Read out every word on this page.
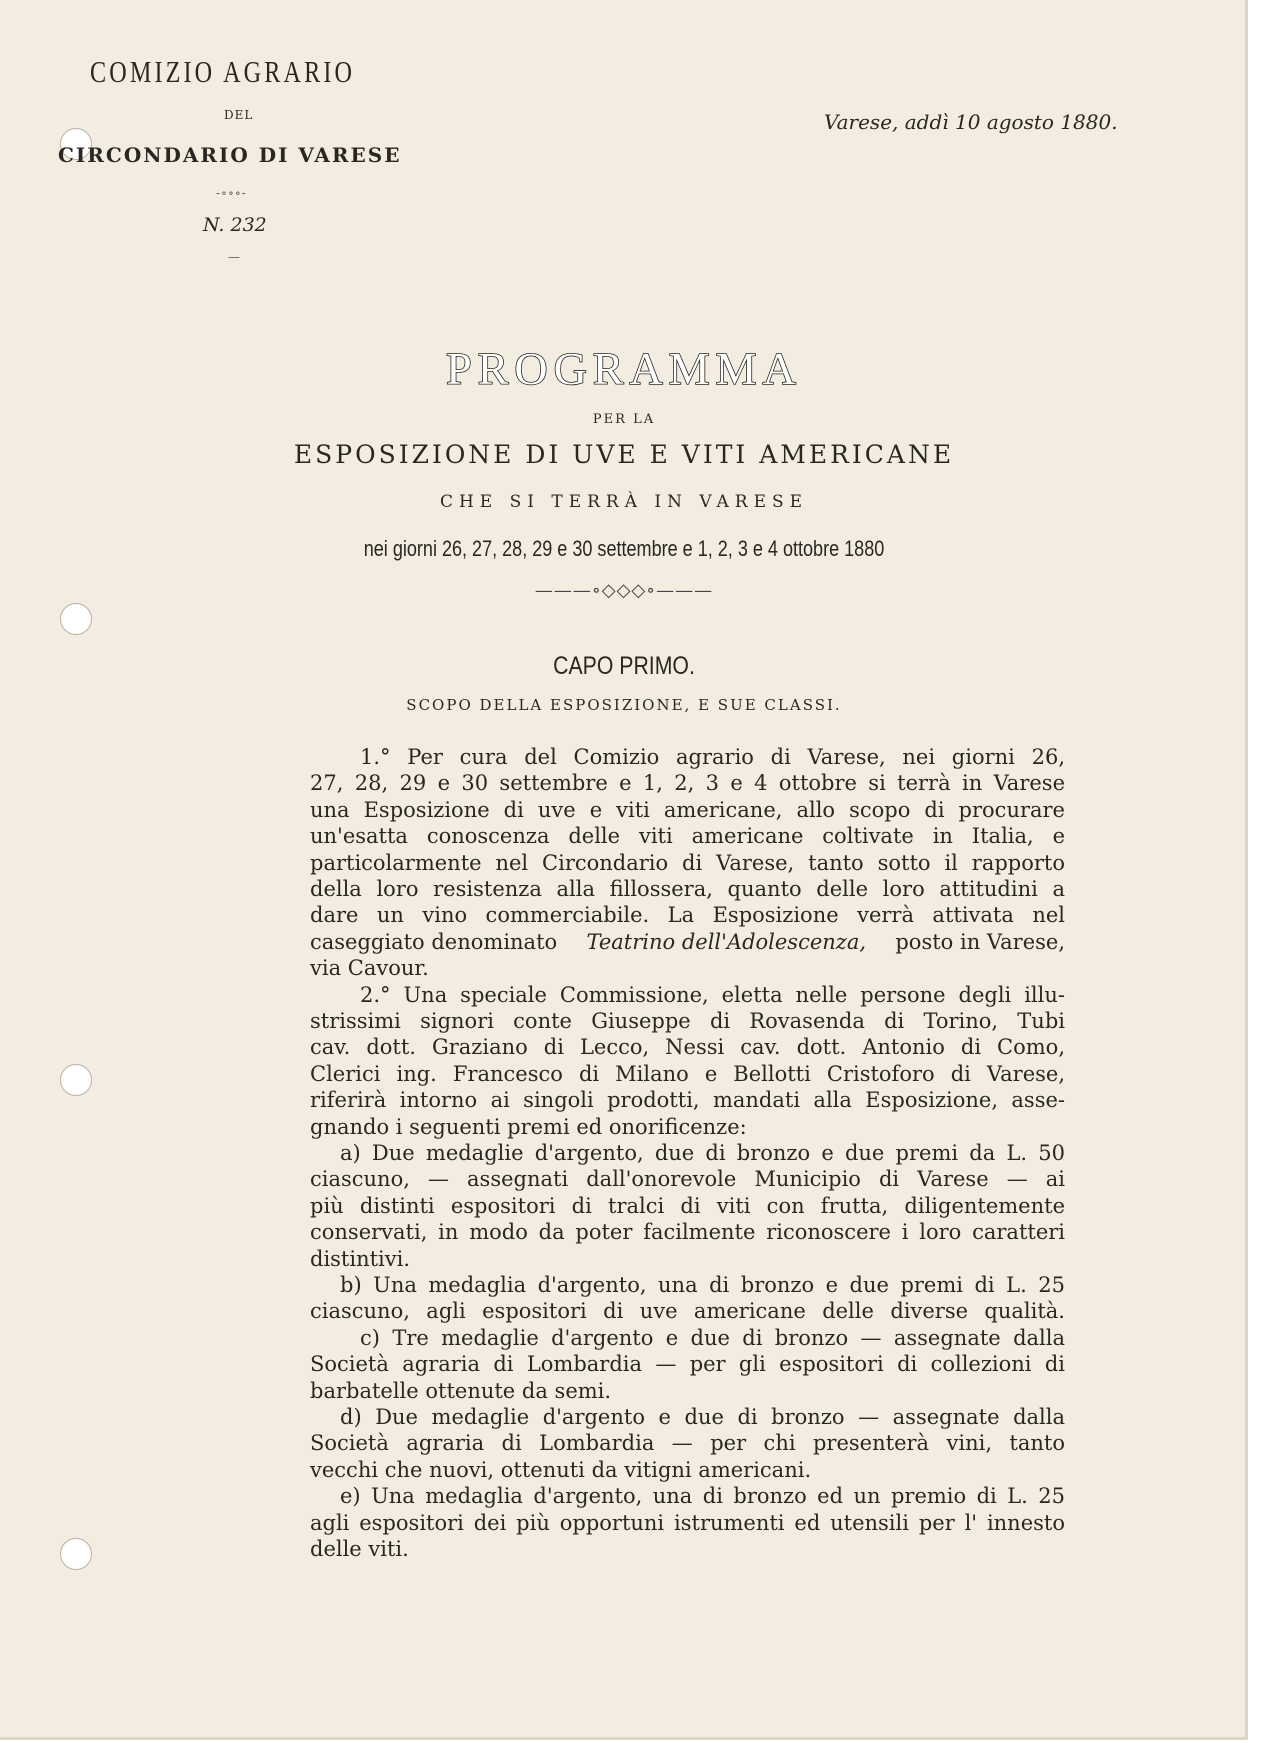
COMIZIO AGRARIO
DEL
CIRCONDARIO DI VARESE
-∘∘∘-
N. 232
—
Varese, addì 10 agosto 1880.
PROGRAMMA
PER LA
ESPOSIZIONE DI UVE E VITI AMERICANE
CHE SI TERRÀ IN VARESE
nei giorni 26, 27, 28, 29 e 30 settembre e 1, 2, 3 e 4 ottobre 1880
———∘◇◇◇∘———
CAPO PRIMO.
SCOPO DELLA ESPOSIZIONE, E SUE CLASSI.
1.° Per cura del Comizio agrario di Varese, nei giorni 26,
27, 28, 29 e 30 settembre e 1, 2, 3 e 4 ottobre si terrà in Varese
una Esposizione di uve e viti americane, allo scopo di procurare
un'esatta conoscenza delle viti americane coltivate in Italia, e
particolarmente nel Circondario di Varese, tanto sotto il rapporto
della loro resistenza alla fillossera, quanto delle loro attitudini a
dare un vino commerciabile. La Esposizione verrà attivata nel
caseggiato denominato Teatrino dell'Adolescenza, posto in Varese,
via Cavour.
2.° Una speciale Commissione, eletta nelle persone degli illu-
strissimi signori conte Giuseppe di Rovasenda di Torino, Tubi
cav. dott. Graziano di Lecco, Nessi cav. dott. Antonio di Como,
Clerici ing. Francesco di Milano e Bellotti Cristoforo di Varese,
riferirà intorno ai singoli prodotti, mandati alla Esposizione, asse-
gnando i seguenti premi ed onorificenze:
a) Due medaglie d'argento, due di bronzo e due premi da L. 50
ciascuno, — assegnati dall'onorevole Municipio di Varese — ai
più distinti espositori di tralci di viti con frutta, diligentemente
conservati, in modo da poter facilmente riconoscere i loro caratteri
distintivi.
b) Una medaglia d'argento, una di bronzo e due premi di L. 25
ciascuno, agli espositori di uve americane delle diverse qualità.
c) Tre medaglie d'argento e due di bronzo — assegnate dalla
Società agraria di Lombardia — per gli espositori di collezioni di
barbatelle ottenute da semi.
d) Due medaglie d'argento e due di bronzo — assegnate dalla
Società agraria di Lombardia — per chi presenterà vini, tanto
vecchi che nuovi, ottenuti da vitigni americani.
e) Una medaglia d'argento, una di bronzo ed un premio di L. 25
agli espositori dei più opportuni istrumenti ed utensili per l' innesto
delle viti.
